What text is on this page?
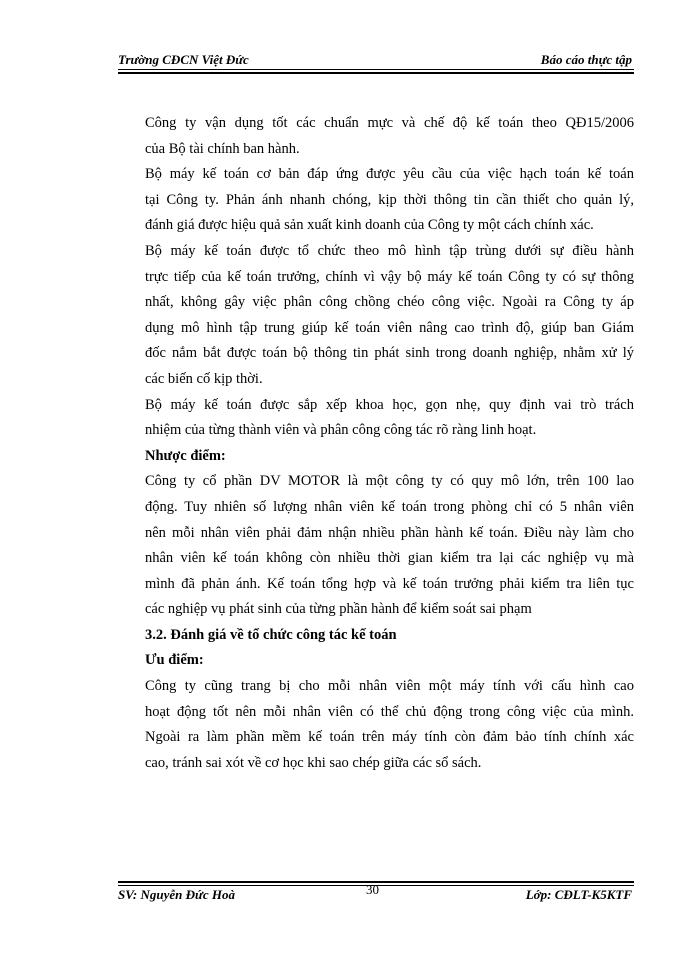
Trường CĐCN Việt Đức	Báo cáo thực tập

Công ty vận dụng tốt các chuẩn mực và chế độ kế toán theo QĐ15/2006
của Bộ tài chính ban hành.

Bộ máy kế toán cơ bản đáp ứng được yêu cầu của việc hạch toán kế toán
tại Công ty. Phản ánh nhanh chóng, kịp thời thông tin cần thiết cho quản lý,
đánh giá được hiệu quả sản xuất kinh doanh của Công ty một cách chính xác.

Bộ máy kế toán được tổ chức theo mô hình tập trùng dưới sự điều hành
trực tiếp của kế toán trưởng, chính vì vậy bộ máy kế toán Công ty có sự thông
nhất, không gây việc phân công chồng chéo công việc. Ngoài ra Công ty áp
dụng mô hình tập trung giúp kế toán viên nâng cao trình độ, giúp ban Giám
đốc nắm bắt được toán bộ thông tin phát sinh trong doanh nghiệp, nhằm xử lý
các biến cố kịp thời.

Bộ máy kế toán được sắp xếp khoa học, gọn nhẹ, quy định vai trò trách
nhiệm của từng thành viên và phân công công tác rõ ràng linh hoạt.

Nhược điểm:

Công ty cổ phần DV MOTOR là một công ty có quy mô lớn, trên 100 lao
động. Tuy nhiên số lượng nhân viên kế toán trong phòng chỉ có 5 nhân viên
nên mỗi nhân viên phải đảm nhận nhiều phần hành kế toán. Điều này làm cho
nhân viên kế toán không còn nhiều thời gian kiểm tra lại các nghiệp vụ mà
mình đã phản ánh. Kế toán tổng hợp và kế toán trưởng phải kiểm tra liên tục
các nghiệp vụ phát sinh của từng phần hành để kiểm soát sai phạm

3.2. Đánh giá về tổ chức công tác kế toán

Ưu điểm:

Công ty cũng trang bị cho mỗi nhân viên một máy tính với cấu hình cao
hoạt động tốt nên mỗi nhân viên có thể chủ động trong công việc của mình.
Ngoài ra làm phần mềm kế toán trên máy tính còn đảm bảo tính chính xác
cao, tránh sai xót về cơ học khi sao chép giữa các sổ sách.

SV: Nguyễn Đức Hoà	30	Lớp: CĐLT-K5KTF
